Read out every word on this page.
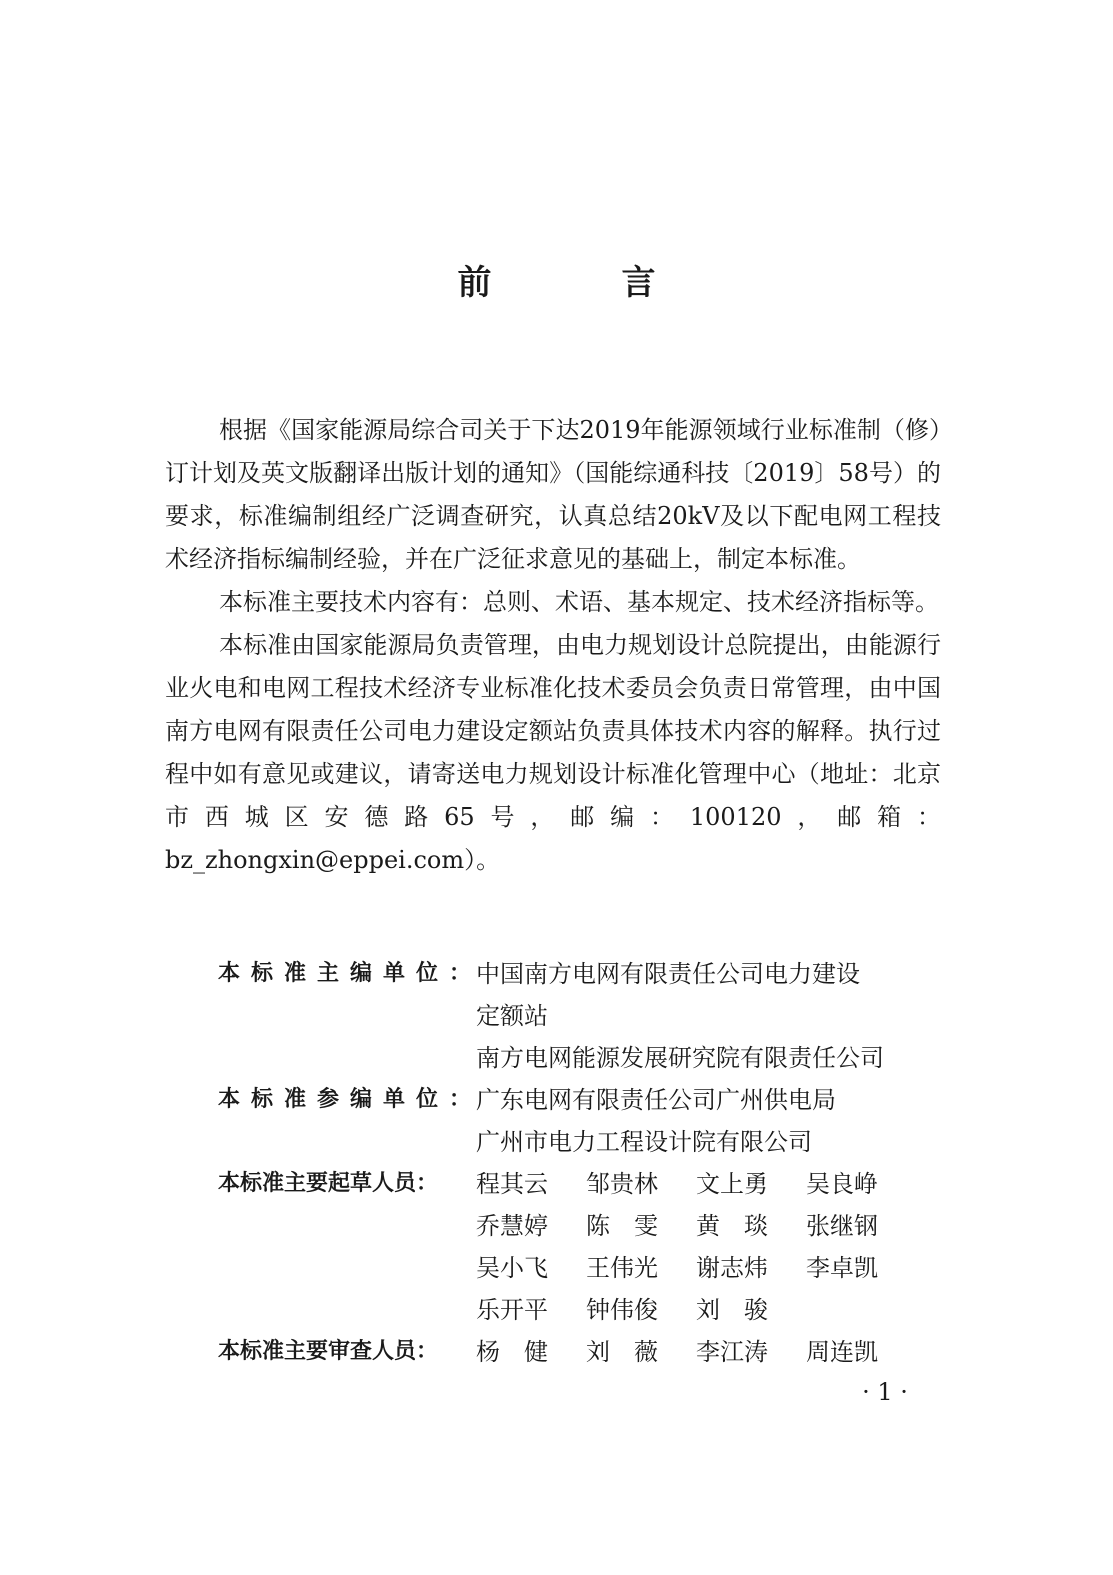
前　言

根据《国家能源局综合司关于下达2019年能源领域行业标准制（修）订计划及英文版翻译出版计划的通知》（国能综通科技〔2019〕58号）的要求，标准编制组经广泛调查研究，认真总结20kV及以下配电网工程技术经济指标编制经验，并在广泛征求意见的基础上，制定本标准。

本标准主要技术内容有：总则、术语、基本规定、技术经济指标等。

本标准由国家能源局负责管理，由电力规划设计总院提出，由能源行业火电和电网工程技术经济专业标准化技术委员会负责日常管理，由中国南方电网有限责任公司电力建设定额站负责具体技术内容的解释。执行过程中如有意见或建议，请寄送电力规划设计标准化管理中心（地址：北京市西城区安德路65号，邮编：100120，邮箱：bz_zhongxin@eppei.com）。

本标准主编单位：
中国南方电网有限责任公司电力建设
定额站
南方电网能源发展研究院有限责任公司
本标准参编单位：
广东电网有限责任公司广州供电局
广州市电力工程设计院有限公司
本标准主要起草人员：	程其云	邹贵林	文上勇	吴良峥
乔慧婷	陈　雯	黄　琰	张继钢
吴小飞	王伟光	谢志炜	李卓凯
乐开平	钟伟俊	刘　骏
本标准主要审查人员：	杨　健	刘　薇	李江涛	周连凯
· 1 ·
